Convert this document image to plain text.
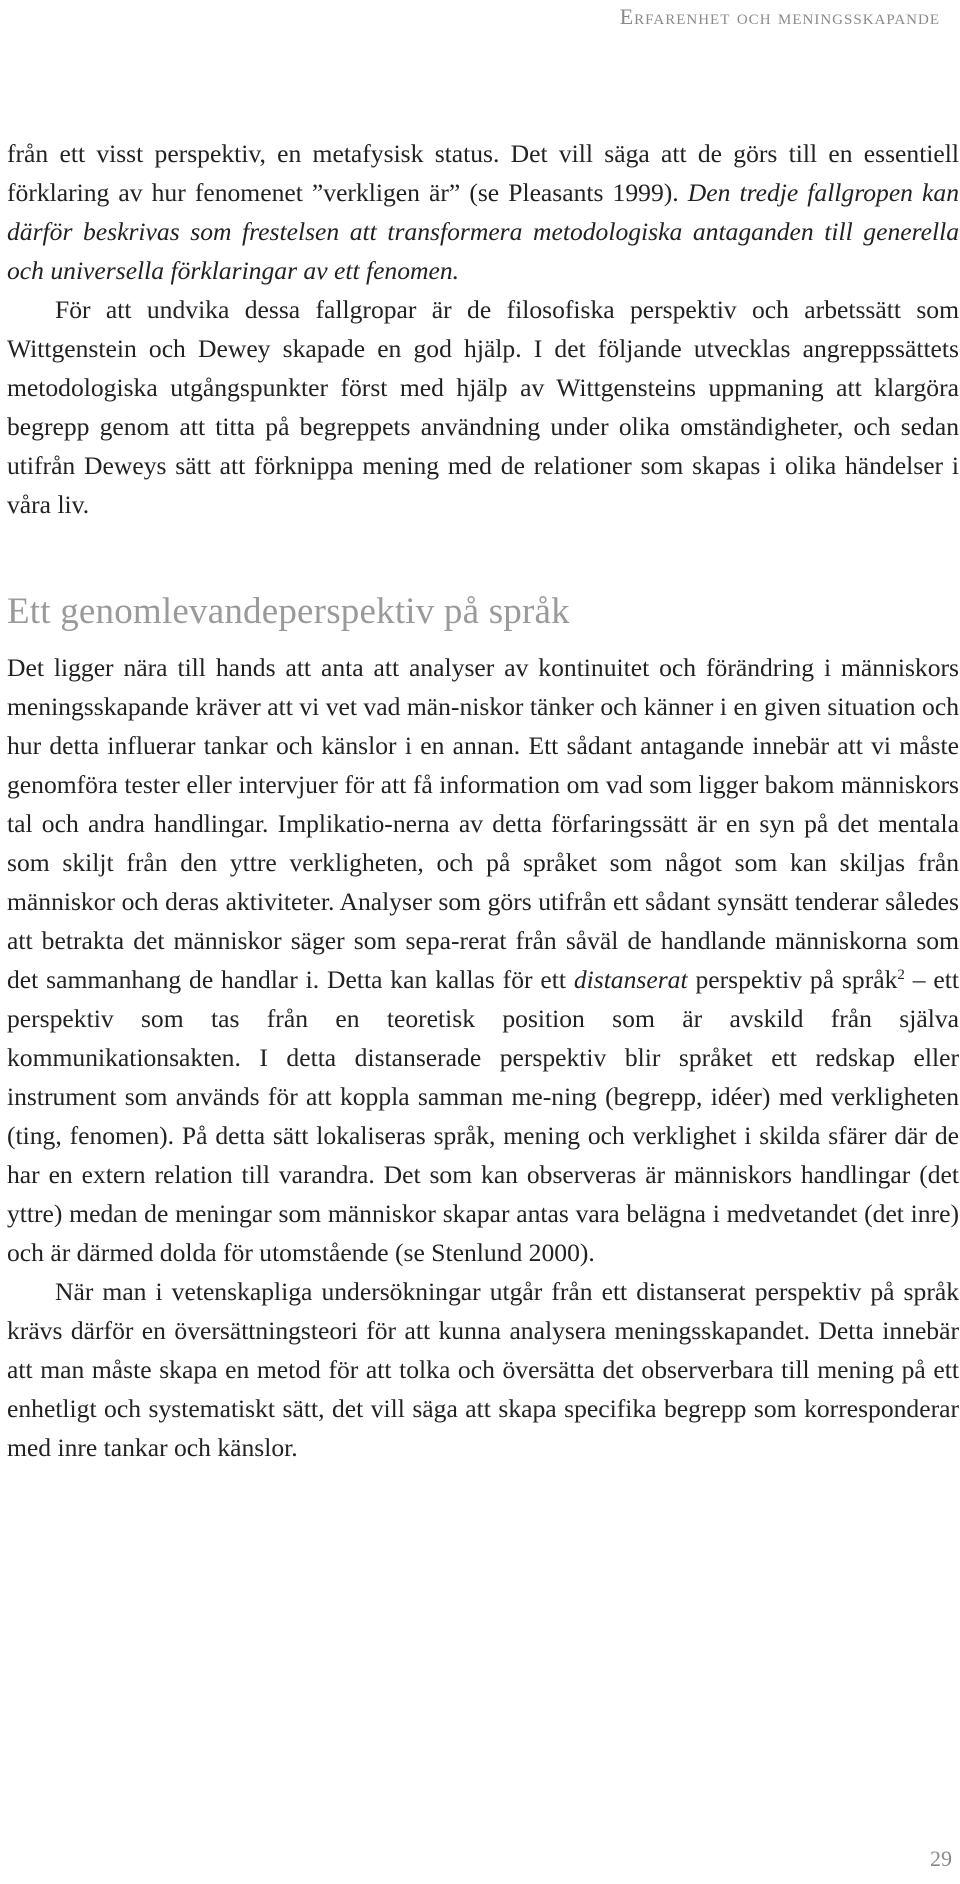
Erfarenhet och meningsskapande

från ett visst perspektiv, en metafysisk status. Det vill säga att de görs till en essentiell förklaring av hur fenomenet ”verkligen är” (se Pleasants 1999). Den tredje fallgropen kan därför beskrivas som frestelsen att transformera metodologiska antaganden till generella och universella förklaringar av ett fenomen.

För att undvika dessa fallgropar är de filosofiska perspektiv och arbetssätt som Wittgenstein och Dewey skapade en god hjälp. I det följande utvecklas angreppssättets metodologiska utgångspunkter först med hjälp av Wittgensteins uppmaning att klargöra begrepp genom att titta på begreppets användning under olika omständigheter, och sedan utifrån Deweys sätt att förknippa mening med de relationer som skapas i olika händelser i våra liv.

Ett genomlevandeperspektiv på språk

Det ligger nära till hands att anta att analyser av kontinuitet och förändring i människors meningsskapande kräver att vi vet vad män-niskor tänker och känner i en given situation och hur detta influerar tankar och känslor i en annan. Ett sådant antagande innebär att vi måste genomföra tester eller intervjuer för att få information om vad som ligger bakom människors tal och andra handlingar. Implikatio-nerna av detta förfaringssätt är en syn på det mentala som skiljt från den yttre verkligheten, och på språket som något som kan skiljas från människor och deras aktiviteter. Analyser som görs utifrån ett sådant synsätt tenderar således att betrakta det människor säger som sepa-rerat från såväl de handlande människorna som det sammanhang de handlar i. Detta kan kallas för ett distanserat perspektiv på språk$^2$ – ett perspektiv som tas från en teoretisk position som är avskild från själva kommunikationsakten. I detta distanserade perspektiv blir språket ett redskap eller instrument som används för att koppla samman me-ning (begrepp, idéer) med verkligheten (ting, fenomen). På detta sätt lokaliseras språk, mening och verklighet i skilda sfärer där de har en extern relation till varandra. Det som kan observeras är människors handlingar (det yttre) medan de meningar som människor skapar antas vara belägna i medvetandet (det inre) och är därmed dolda för utomstående (se Stenlund 2000).

När man i vetenskapliga undersökningar utgår från ett distanserat perspektiv på språk krävs därför en översättningsteori för att kunna analysera meningsskapandet. Detta innebär att man måste skapa en metod för att tolka och översätta det observerbara till mening på ett enhetligt och systematiskt sätt, det vill säga att skapa specifika begrepp som korresponderar med inre tankar och känslor.

29
